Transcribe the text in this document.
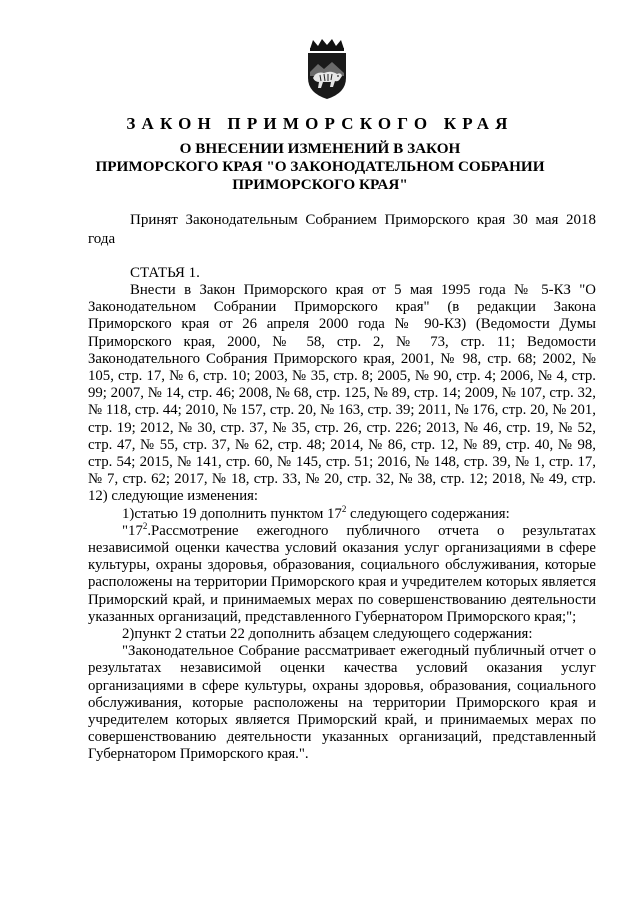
ЗАКОН ПРИМОРСКОГО КРАЯ
О ВНЕСЕНИИ ИЗМЕНЕНИЙ В ЗАКОН
ПРИМОРСКОГО КРАЯ "О ЗАКОНОДАТЕЛЬНОМ СОБРАНИИ
ПРИМОРСКОГО КРАЯ"
Принят Законодательным Собранием Приморского края 30 мая 2018 года
СТАТЬЯ 1.

Внести в Закон Приморского края от 5 мая 1995 года № 5-КЗ "О Законодательном Собрании Приморского края" (в редакции Закона Приморского края от 26 апреля 2000 года № 90-КЗ) (Ведомости Думы Приморского края, 2000, № 58, стр. 2, № 73, стр. 11; Ведомости Законодательного Собрания Приморского края, 2001, № 98, стр. 68; 2002, № 105, стр. 17, № 6, стр. 10; 2003, № 35, стр. 8; 2005, № 90, стр. 4; 2006, № 4, стр. 99; 2007, № 14, стр. 46; 2008, № 68, стр. 125, № 89, стр. 14; 2009, № 107, стр. 32, № 118, стр. 44; 2010, № 157, стр. 20, № 163, стр. 39; 2011, № 176, стр. 20, № 201, стр. 19; 2012, № 30, стр. 37, № 35, стр. 26, стр. 226; 2013, № 46, стр. 19, № 52, стр. 47, № 55, стр. 37, № 62, стр. 48; 2014, № 86, стр. 12, № 89, стр. 40, № 98, стр. 54; 2015, № 141, стр. 60, № 145, стр. 51; 2016, № 148, стр. 39, № 1, стр. 17, № 7, стр. 62; 2017, № 18, стр. 33, № 20, стр. 32, № 38, стр. 12; 2018, № 49, стр. 12) следующие изменения:

1)статью 19 дополнить пунктом $17^2$ следующего содержания:

"$17^2.Рассмотрение$ ежегодного публичного отчета о результатах независимой оценки качества условий оказания услуг организациями в сфере культуры, охраны здоровья, образования, социального обслуживания, которые расположены на территории Приморского края и учредителем которых является Приморский край, и принимаемых мерах по совершенствованию деятельности указанных организаций, представленного Губернатором Приморского края;";

2)пункт 2 статьи 22 дополнить абзацем следующего содержания:

"Законодательное Собрание рассматривает ежегодный публичный отчет о результатах независимой оценки качества условий оказания услуг организациями в сфере культуры, охраны здоровья, образования, социального обслуживания, которые расположены на территории Приморского края и учредителем которых является Приморский край, и принимаемых мерах по совершенствованию деятельности указанных организаций, представленный Губернатором Приморского края.".
